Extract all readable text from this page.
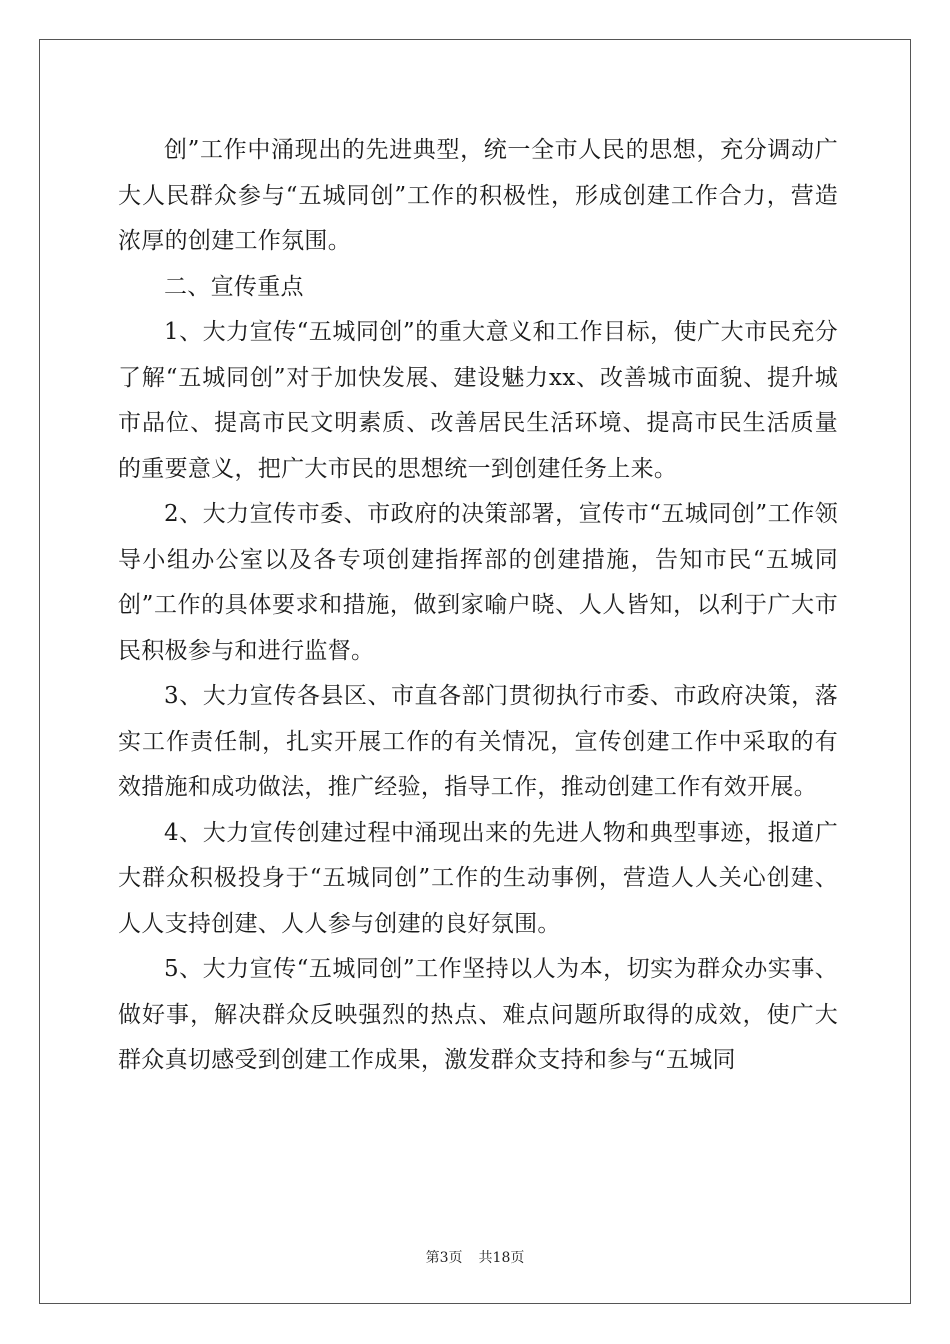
创”工作中涌现出的先进典型，统一全市人民的思想，充分调动广大人民群众参与“五城同创”工作的积极性，形成创建工作合力，营造浓厚的创建工作氛围。

二、宣传重点

1、大力宣传“五城同创”的重大意义和工作目标，使广大市民充分了解“五城同创”对于加快发展、建设魅力xx、改善城市面貌、提升城市品位、提高市民文明素质、改善居民生活环境、提高市民生活质量的重要意义，把广大市民的思想统一到创建任务上来。

2、大力宣传市委、市政府的决策部署，宣传市“五城同创”工作领导小组办公室以及各专项创建指挥部的创建措施，告知市民“五城同创”工作的具体要求和措施，做到家喻户晓、人人皆知，以利于广大市民积极参与和进行监督。

3、大力宣传各县区、市直各部门贯彻执行市委、市政府决策，落实工作责任制，扎实开展工作的有关情况，宣传创建工作中采取的有效措施和成功做法，推广经验，指导工作，推动创建工作有效开展。

4、大力宣传创建过程中涌现出来的先进人物和典型事迹，报道广大群众积极投身于“五城同创”工作的生动事例，营造人人关心创建、人人支持创建、人人参与创建的良好氛围。

5、大力宣传“五城同创”工作坚持以人为本，切实为群众办实事、做好事，解决群众反映强烈的热点、难点问题所取得的成效，使广大群众真切感受到创建工作成果，激发群众支持和参与“五城同

第3页 共18页
